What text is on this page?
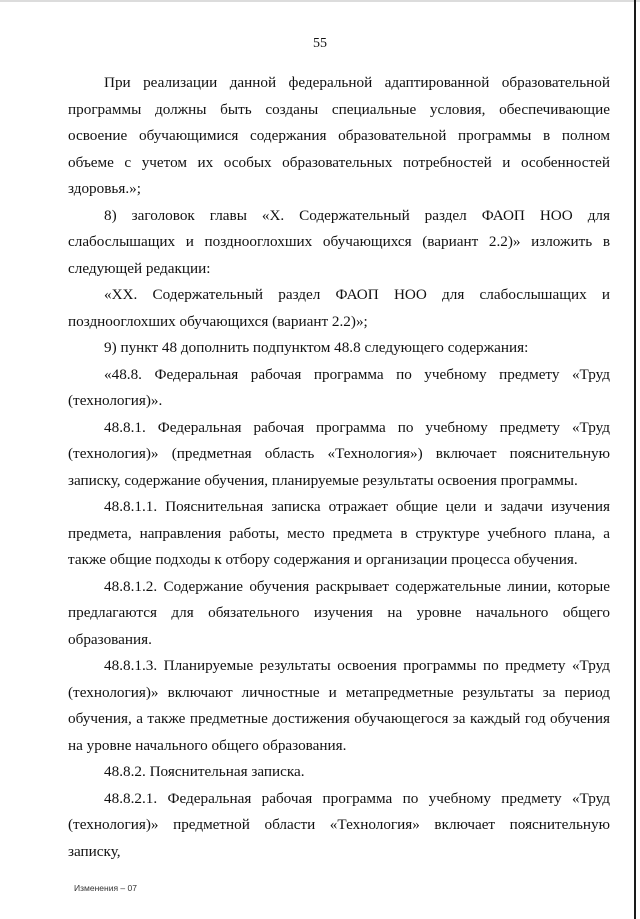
55

При реализации данной федеральной адаптированной образовательной программы должны быть созданы специальные условия, обеспечивающие освоение обучающимися содержания образовательной программы в полном объеме с учетом их особых образовательных потребностей и особенностей здоровья.»;

8) заголовок главы «X. Содержательный раздел ФАОП НОО для слабослышащих и позднооглохших обучающихся (вариант 2.2)» изложить в следующей редакции:

«XX. Содержательный раздел ФАОП НОО для слабослышащих и позднооглохших обучающихся (вариант 2.2)»;

9) пункт 48 дополнить подпунктом 48.8 следующего содержания:

«48.8. Федеральная рабочая программа по учебному предмету «Труд (технология)».

48.8.1. Федеральная рабочая программа по учебному предмету «Труд (технология)» (предметная область «Технология») включает пояснительную записку, содержание обучения, планируемые результаты освоения программы.

48.8.1.1. Пояснительная записка отражает общие цели и задачи изучения предмета, направления работы, место предмета в структуре учебного плана, а также общие подходы к отбору содержания и организации процесса обучения.

48.8.1.2. Содержание обучения раскрывает содержательные линии, которые предлагаются для обязательного изучения на уровне начального общего образования.

48.8.1.3. Планируемые результаты освоения программы по предмету «Труд (технология)» включают личностные и метапредметные результаты за период обучения, а также предметные достижения обучающегося за каждый год обучения на уровне начального общего образования.

48.8.2. Пояснительная записка.

48.8.2.1. Федеральная рабочая программа по учебному предмету «Труд (технология)» предметной области «Технология» включает пояснительную записку,

Изменения – 07
